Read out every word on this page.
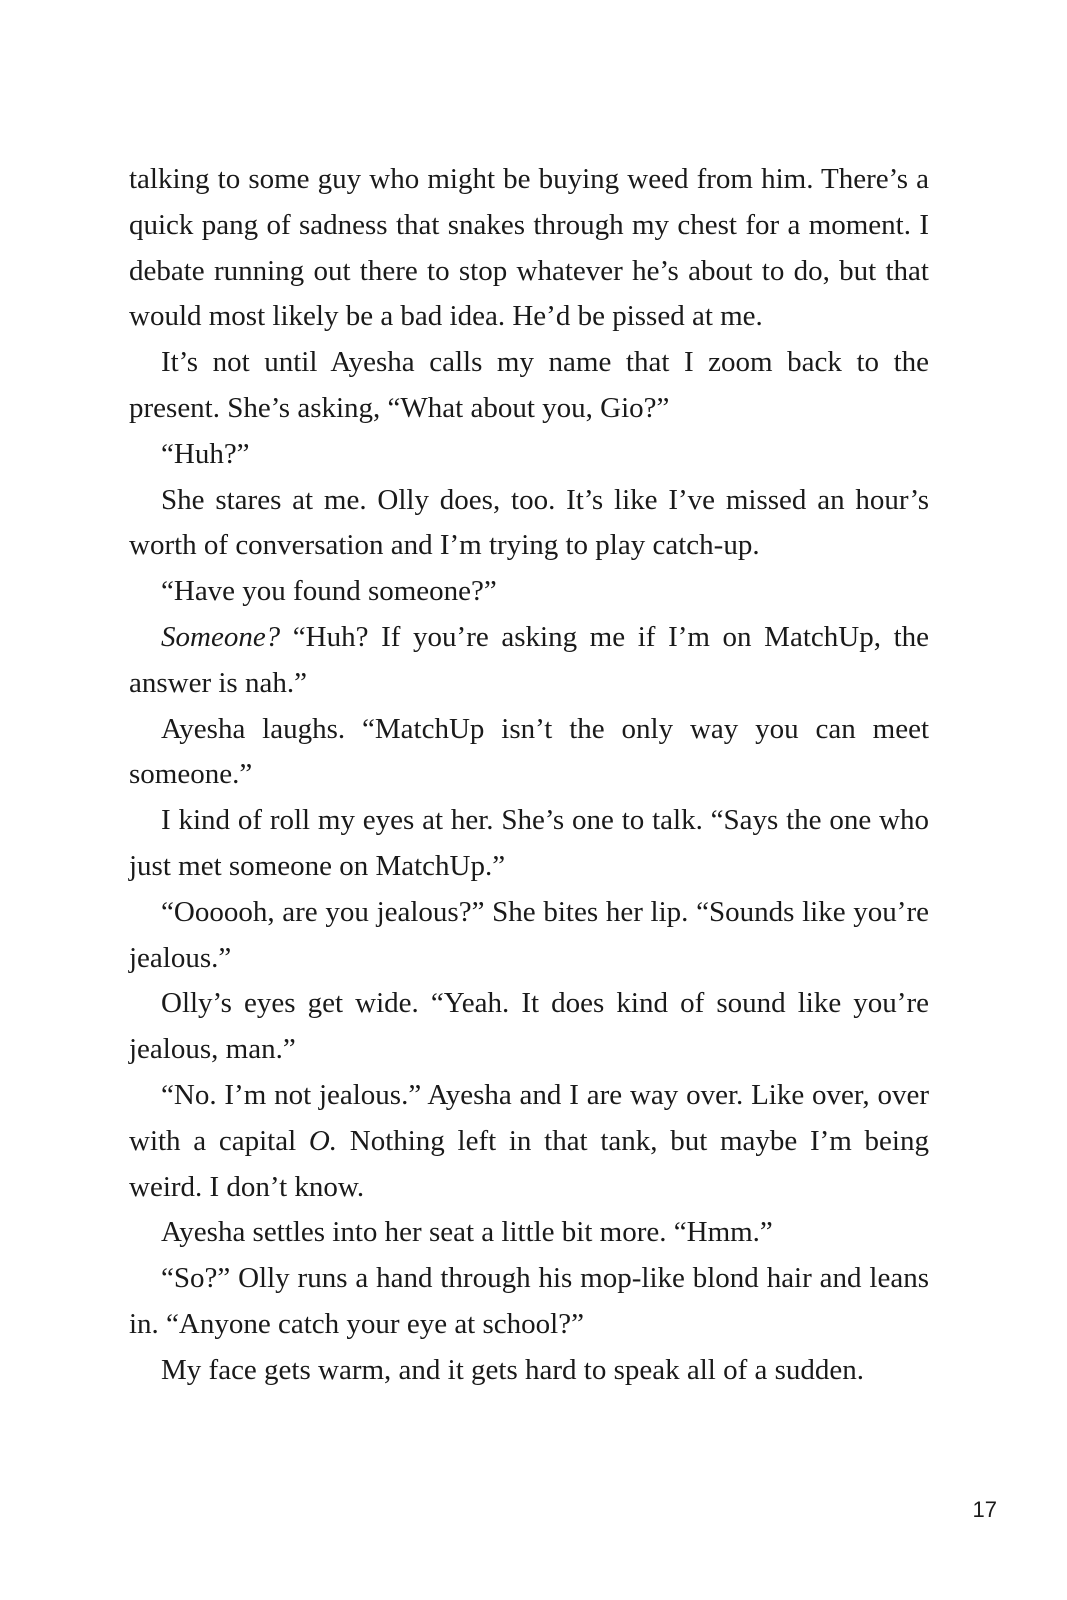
talking to some guy who might be buying weed from him. There’s a quick pang of sadness that snakes through my chest for a moment. I debate running out there to stop whatever he’s about to do, but that would most likely be a bad idea. He’d be pissed at me.

It’s not until Ayesha calls my name that I zoom back to the present. She’s asking, “What about you, Gio?”

“Huh?”

She stares at me. Olly does, too. It’s like I’ve missed an hour’s worth of conversation and I’m trying to play catch-up.

“Have you found someone?”

Someone? “Huh? If you’re asking me if I’m on MatchUp, the answer is nah.”

Ayesha laughs. “MatchUp isn’t the only way you can meet someone.”

I kind of roll my eyes at her. She’s one to talk. “Says the one who just met someone on MatchUp.”

“Oooooh, are you jealous?” She bites her lip. “Sounds like you’re jealous.”

Olly’s eyes get wide. “Yeah. It does kind of sound like you’re jealous, man.”

“No. I’m not jealous.” Ayesha and I are way over. Like over, over with a capital O. Nothing left in that tank, but maybe I’m being weird. I don’t know.

Ayesha settles into her seat a little bit more. “Hmm.”

“So?” Olly runs a hand through his mop-like blond hair and leans in. “Anyone catch your eye at school?”

My face gets warm, and it gets hard to speak all of a sudden.

17
